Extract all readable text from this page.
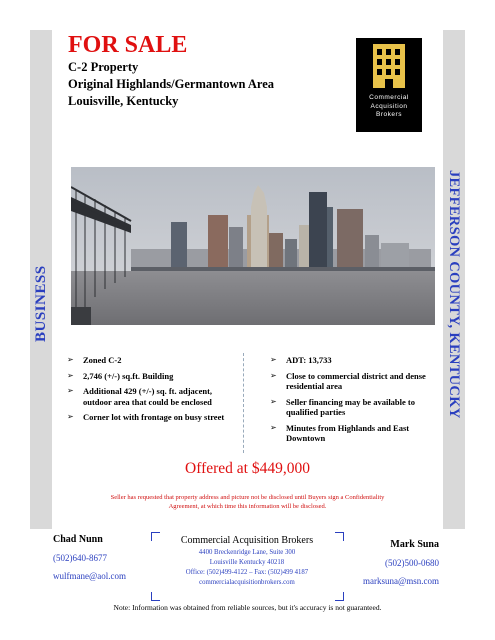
BUSINESS	JEFFERSON COUNTY, KENTUCKY
FOR SALE
C-2 Property
Original Highlands/Germantown Area
Louisville, Kentucky	Commercial
Acquisition
Brokers
➢ Zoned C-2
➢ 2,746 (+/-) sq.ft. Building
➢ Additional 429 (+/-) sq. ft. adjacent, outdoor area that could be enclosed
➢ Corner lot with frontage on busy street
➢ ADT: 13,733
➢ Close to commercial district and dense residential area
➢ Seller financing may be available to qualified parties
➢ Minutes from Highlands and East Downtown
Offered at $449,000
Seller has requested that property address and picture not be disclosed until Buyers sign a Confidentiality Agreement, at which time this information will be disclosed.
Chad Nunn
(502)640-8677
wulfmane@aol.com
Commercial Acquisition Brokers
4400 Breckenridge Lane, Suite 300
Louisville Kentucky 40218
Office: (502)499-4122 – Fax: (502)499 4187
commercialacquisitionbrokers.com
Mark Suna
(502)500-0680
marksuna@msn.com
Note: Information was obtained from reliable sources, but it's accuracy is not guaranteed.
